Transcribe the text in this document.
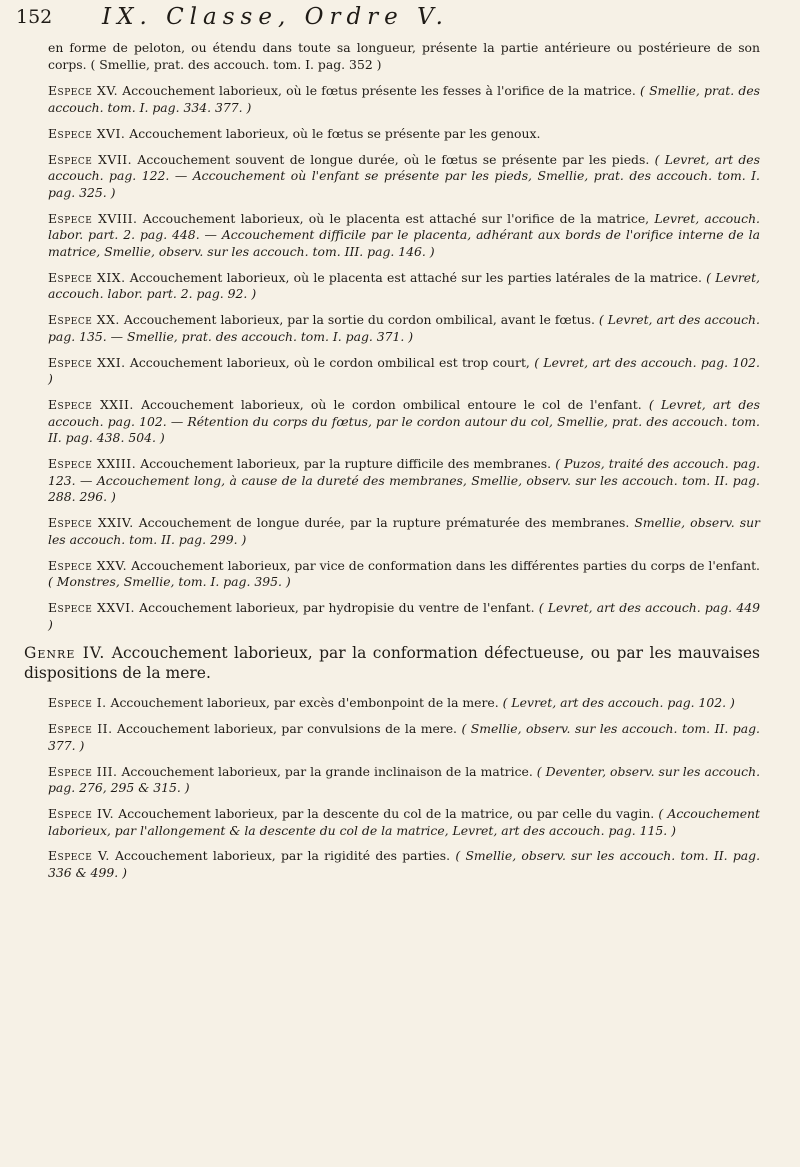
152 IX. Classe, Ordre V.

en forme de peloton, ou étendu dans toute sa longueur, présente la partie antérieure ou postérieure de son corps. ( Smellie, prat. des accouch. tom. I. pag. 352 )

Espece XV. Accouchement laborieux, où le fœtus présente les fesses à l'orifice de la matrice. ( Smellie, prat. des accouch. tom. I. pag. 334. 377. )

Espece XVI. Accouchement laborieux, où le fœtus se présente par les genoux.

Espece XVII. Accouchement souvent de longue durée, où le fœtus se présente par les pieds. ( Levret, art des accouch. pag. 122. — Accouchement où l'enfant se présente par les pieds, Smellie, prat. des accouch. tom. I. pag. 325. )

Espece XVIII. Accouchement laborieux, où le placenta est attaché sur l'orifice de la matrice, Levret, accouch. labor. part. 2. pag. 448. — Accouchement difficile par le placenta, adhérant aux bords de l'orifice interne de la matrice, Smellie, observ. sur les accouch. tom. III. pag. 146. )

Espece XIX. Accouchement laborieux, où le placenta est attaché sur les parties latérales de la matrice. ( Levret, accouch. labor. part. 2. pag. 92. )

Espece XX. Accouchement laborieux, par la sortie du cordon ombilical, avant le fœtus. ( Levret, art des accouch. pag. 135. — Smellie, prat. des accouch. tom. I. pag. 371. )

Espece XXI. Accouchement laborieux, où le cordon ombilical est trop court, ( Levret, art des accouch. pag. 102. )

Espece XXII. Accouchement laborieux, où le cordon ombilical entoure le col de l'enfant. ( Levret, art des accouch. pag. 102. — Rétention du corps du fœtus, par le cordon autour du col, Smellie, prat. des accouch. tom. II. pag. 438. 504. )

Espece XXIII. Accouchement laborieux, par la rupture difficile des membranes. ( Puzos, traité des accouch. pag. 123. — Accouchement long, à cause de la dureté des membranes, Smellie, observ. sur les accouch. tom. II. pag. 288. 296. )

Espece XXIV. Accouchement de longue durée, par la rupture prématurée des membranes. Smellie, observ. sur les accouch. tom. II. pag. 299. )

Espece XXV. Accouchement laborieux, par vice de conformation dans les différentes parties du corps de l'enfant. ( Monstres, Smellie, tom. I. pag. 395. )

Espece XXVI. Accouchement laborieux, par hydropisie du ventre de l'enfant. ( Levret, art des accouch. pag. 449 )

Genre IV. Accouchement laborieux, par la conformation défectueuse, ou par les mauvaises dispositions de la mere.

Espece I. Accouchement laborieux, par excès d'embonpoint de la mere. ( Levret, art des accouch. pag. 102. )

Espece II. Accouchement laborieux, par convulsions de la mere. ( Smellie, observ. sur les accouch. tom. II. pag. 377. )

Espece III. Accouchement laborieux, par la grande inclinaison de la matrice. ( Deventer, observ. sur les accouch. pag. 276, 295 & 315. )

Espece IV. Accouchement laborieux, par la descente du col de la matrice, ou par celle du vagin. ( Accouchement laborieux, par l'allongement & la descente du col de la matrice, Levret, art des accouch. pag. 115. )

Espece V. Accouchement laborieux, par la rigidité des parties. ( Smellie, observ. sur les accouch. tom. II. pag. 336 & 499. )
